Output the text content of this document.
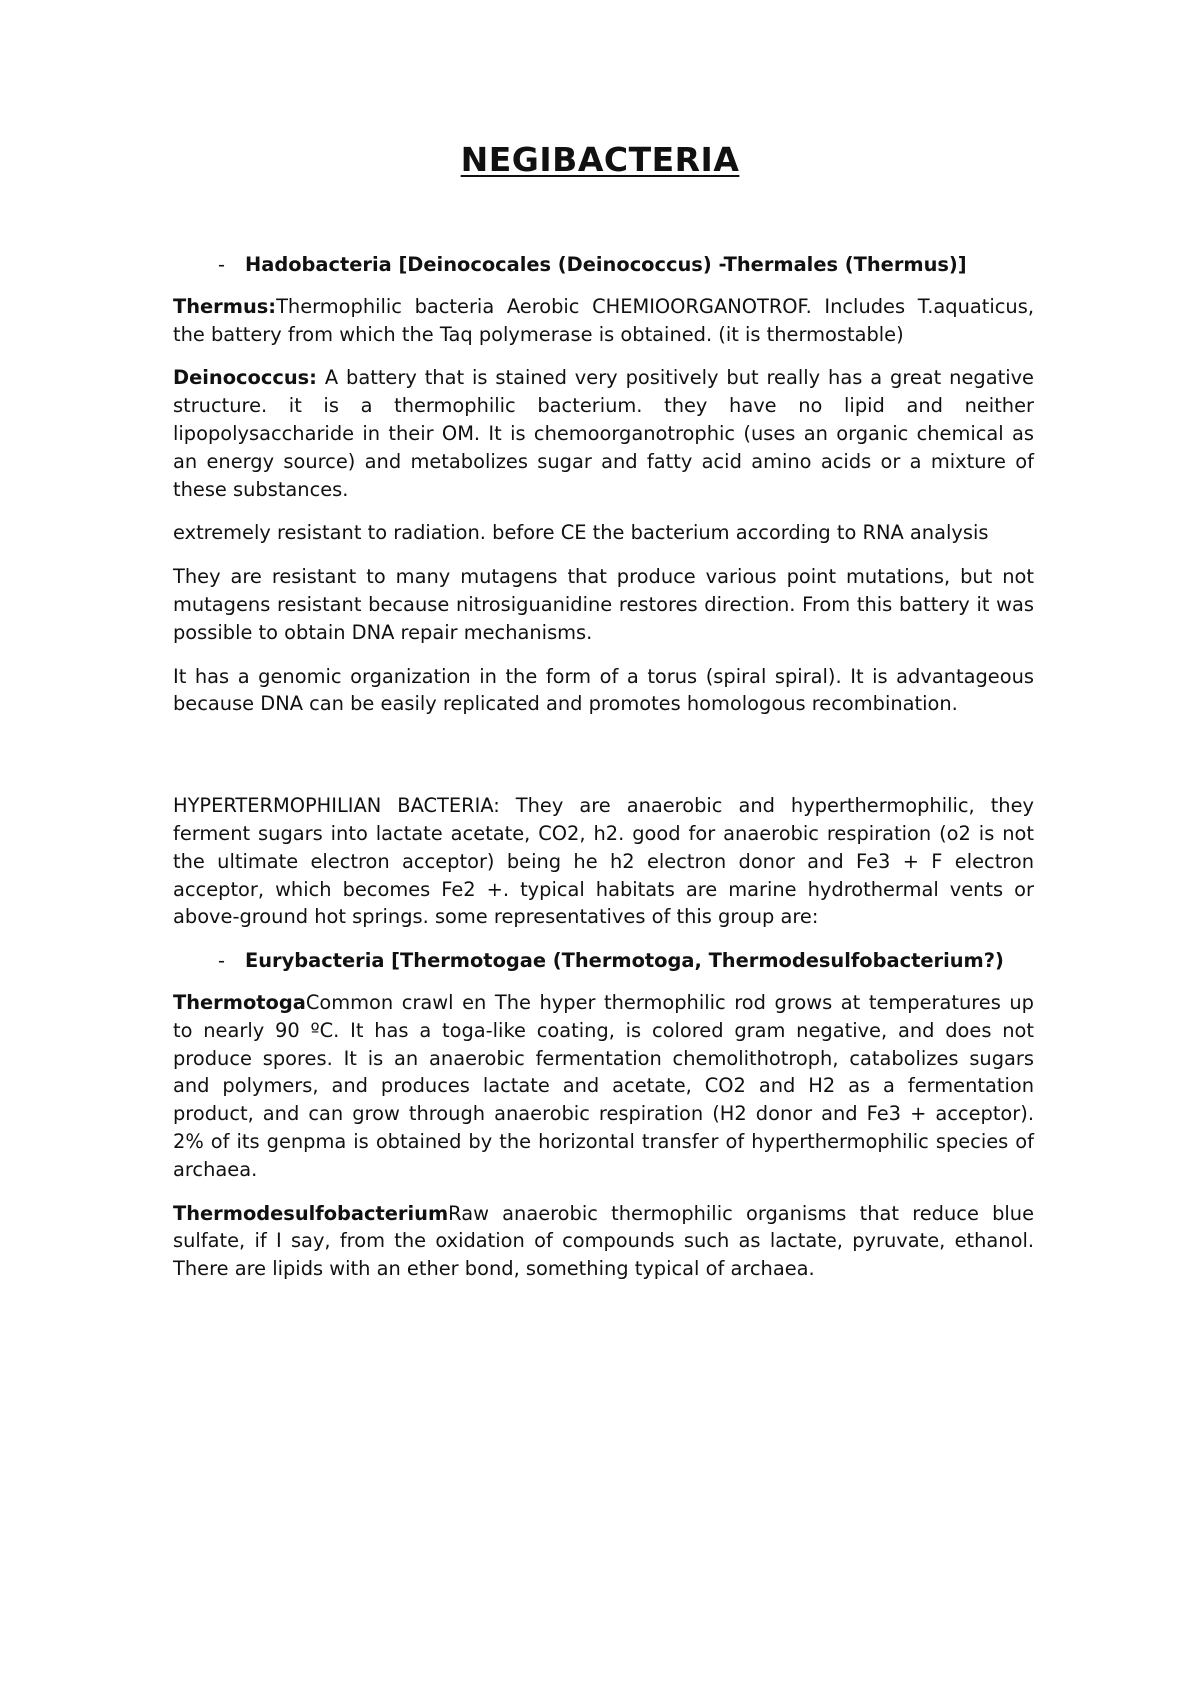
NEGIBACTERIA
- Hadobacteria [Deinococales (Deinococcus) -Thermales (Thermus)]

Thermus:Thermophilic bacteria Aerobic CHEMIOORGANOTROF. Includes T.aquaticus, the battery from which the Taq polymerase is obtained. (it is thermostable)

Deinococcus: A battery that is stained very positively but really has a great negative structure. it is a thermophilic bacterium. they have no lipid and neither lipopolysaccharide in their OM. It is chemoorganotrophic (uses an organic chemical as an energy source) and metabolizes sugar and fatty acid amino acids or a mixture of these substances.

extremely resistant to radiation. before CE the bacterium according to RNA analysis

They are resistant to many mutagens that produce various point mutations, but not mutagens resistant because nitrosiguanidine restores direction. From this battery it was possible to obtain DNA repair mechanisms.

It has a genomic organization in the form of a torus (spiral spiral). It is advantageous because DNA can be easily replicated and promotes homologous recombination.

HYPERTERMOPHILIAN BACTERIA: They are anaerobic and hyperthermophilic, they ferment sugars into lactate acetate, CO2, h2. good for anaerobic respiration (o2 is not the ultimate electron acceptor) being he h2 electron donor and Fe3 + F electron acceptor, which becomes Fe2 +. typical habitats are marine hydrothermal vents or above-ground hot springs. some representatives of this group are:

- Eurybacteria [Thermotogae (Thermotoga, Thermodesulfobacterium?)

ThermotogaCommon crawl en The hyper thermophilic rod grows at temperatures up to nearly 90 ºC. It has a toga-like coating, is colored gram negative, and does not produce spores. It is an anaerobic fermentation chemolithotroph, catabolizes sugars and polymers, and produces lactate and acetate, CO2 and H2 as a fermentation product, and can grow through anaerobic respiration (H2 donor and Fe3 + acceptor). 2% of its genpma is obtained by the horizontal transfer of hyperthermophilic species of archaea.

ThermodesulfobacteriumRaw anaerobic thermophilic organisms that reduce blue sulfate, if I say, from the oxidation of compounds such as lactate, pyruvate, ethanol. There are lipids with an ether bond, something typical of archaea.
